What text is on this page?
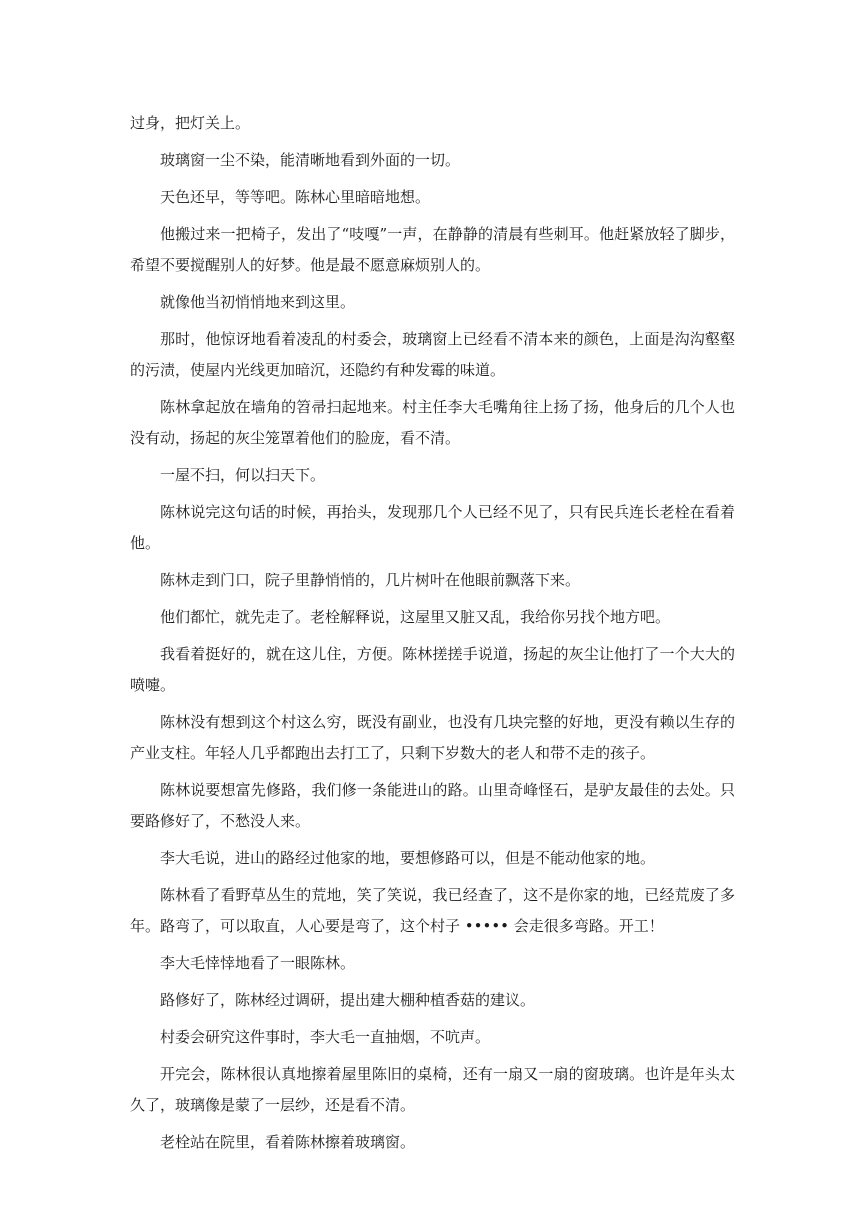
过身，把灯关上。

玻璃窗一尘不染，能清晰地看到外面的一切。

天色还早，等等吧。陈林心里暗暗地想。

他搬过来一把椅子，发出了“吱嘎”一声，在静静的清晨有些刺耳。他赶紧放轻了脚步，希望不要搅醒别人的好梦。他是最不愿意麻烦别人的。

就像他当初悄悄地来到这里。

那时，他惊讶地看着凌乱的村委会，玻璃窗上已经看不清本来的颜色，上面是沟沟壑壑的污渍，使屋内光线更加暗沉，还隐约有种发霉的味道。

陈林拿起放在墙角的笤帚扫起地来。村主任李大毛嘴角往上扬了扬，他身后的几个人也没有动，扬起的灰尘笼罩着他们的脸庞，看不清。

一屋不扫，何以扫天下。

陈林说完这句话的时候，再抬头，发现那几个人已经不见了，只有民兵连长老栓在看着他。

陈林走到门口，院子里静悄悄的，几片树叶在他眼前飘落下来。

他们都忙，就先走了。老栓解释说，这屋里又脏又乱，我给你另找个地方吧。

我看着挺好的，就在这儿住，方便。陈林搓搓手说道，扬起的灰尘让他打了一个大大的喷嚏。

陈林没有想到这个村这么穷，既没有副业，也没有几块完整的好地，更没有赖以生存的产业支柱。年轻人几乎都跑出去打工了，只剩下岁数大的老人和带不走的孩子。

陈林说要想富先修路，我们修一条能进山的路。山里奇峰怪石，是驴友最佳的去处。只要路修好了，不愁没人来。

李大毛说，进山的路经过他家的地，要想修路可以，但是不能动他家的地。

陈林看了看野草丛生的荒地，笑了笑说，我已经查了，这不是你家的地，已经荒废了多年。路弯了，可以取直，人心要是弯了，这个村子 ••••• 会走很多弯路。开工！

李大毛悻悻地看了一眼陈林。

路修好了，陈林经过调研，提出建大棚种植香菇的建议。

村委会研究这件事时，李大毛一直抽烟，不吭声。

开完会，陈林很认真地擦着屋里陈旧的桌椅，还有一扇又一扇的窗玻璃。也许是年头太久了，玻璃像是蒙了一层纱，还是看不清。

老栓站在院里，看着陈林擦着玻璃窗。
